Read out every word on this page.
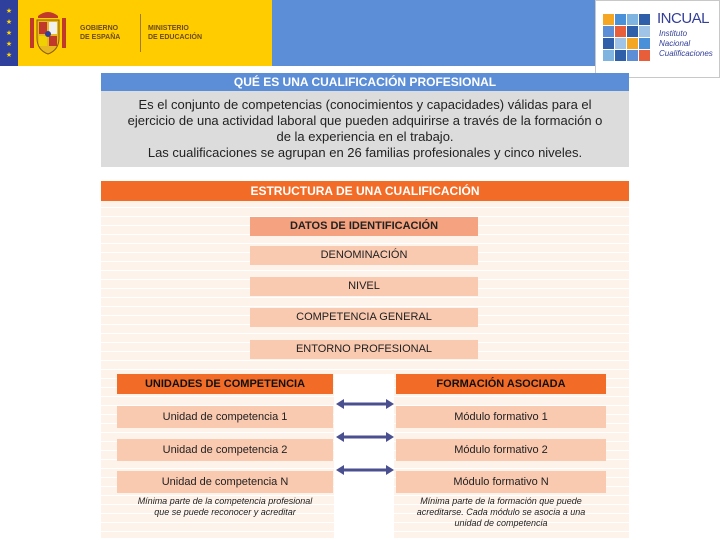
★
★
★
★
★
GOBIERNO
DE ESPAÑA
MINISTERIO
DE EDUCACIÓN
INCUAL
Instituto Nacional
Cualificaciones
QUÉ ES UNA CUALIFICACIÓN PROFESIONAL
Es el conjunto de competencias (conocimientos y capacidades) válidas para el
ejercicio de una actividad laboral que pueden adquirirse a través de la formación o
de la experiencia en el trabajo.
Las cualificaciones se agrupan en 26 familias profesionales y cinco niveles.
ESTRUCTURA DE UNA CUALIFICACIÓN
DATOS DE IDENTIFICACIÓN
DENOMINACIÓN
NIVEL
COMPETENCIA GENERAL
ENTORNO PROFESIONAL
UNIDADES DE COMPETENCIA	FORMACIÓN ASOCIADA
Unidad de competencia 1	Módulo formativo 1
Unidad de competencia 2	Módulo formativo 2
Unidad de competencia N	Módulo formativo N
Mínima parte de la competencia profesional
que se puede reconocer y acreditar
Mínima parte de la formación que puede
acreditarse. Cada módulo se asocia a una
unidad de competencia
